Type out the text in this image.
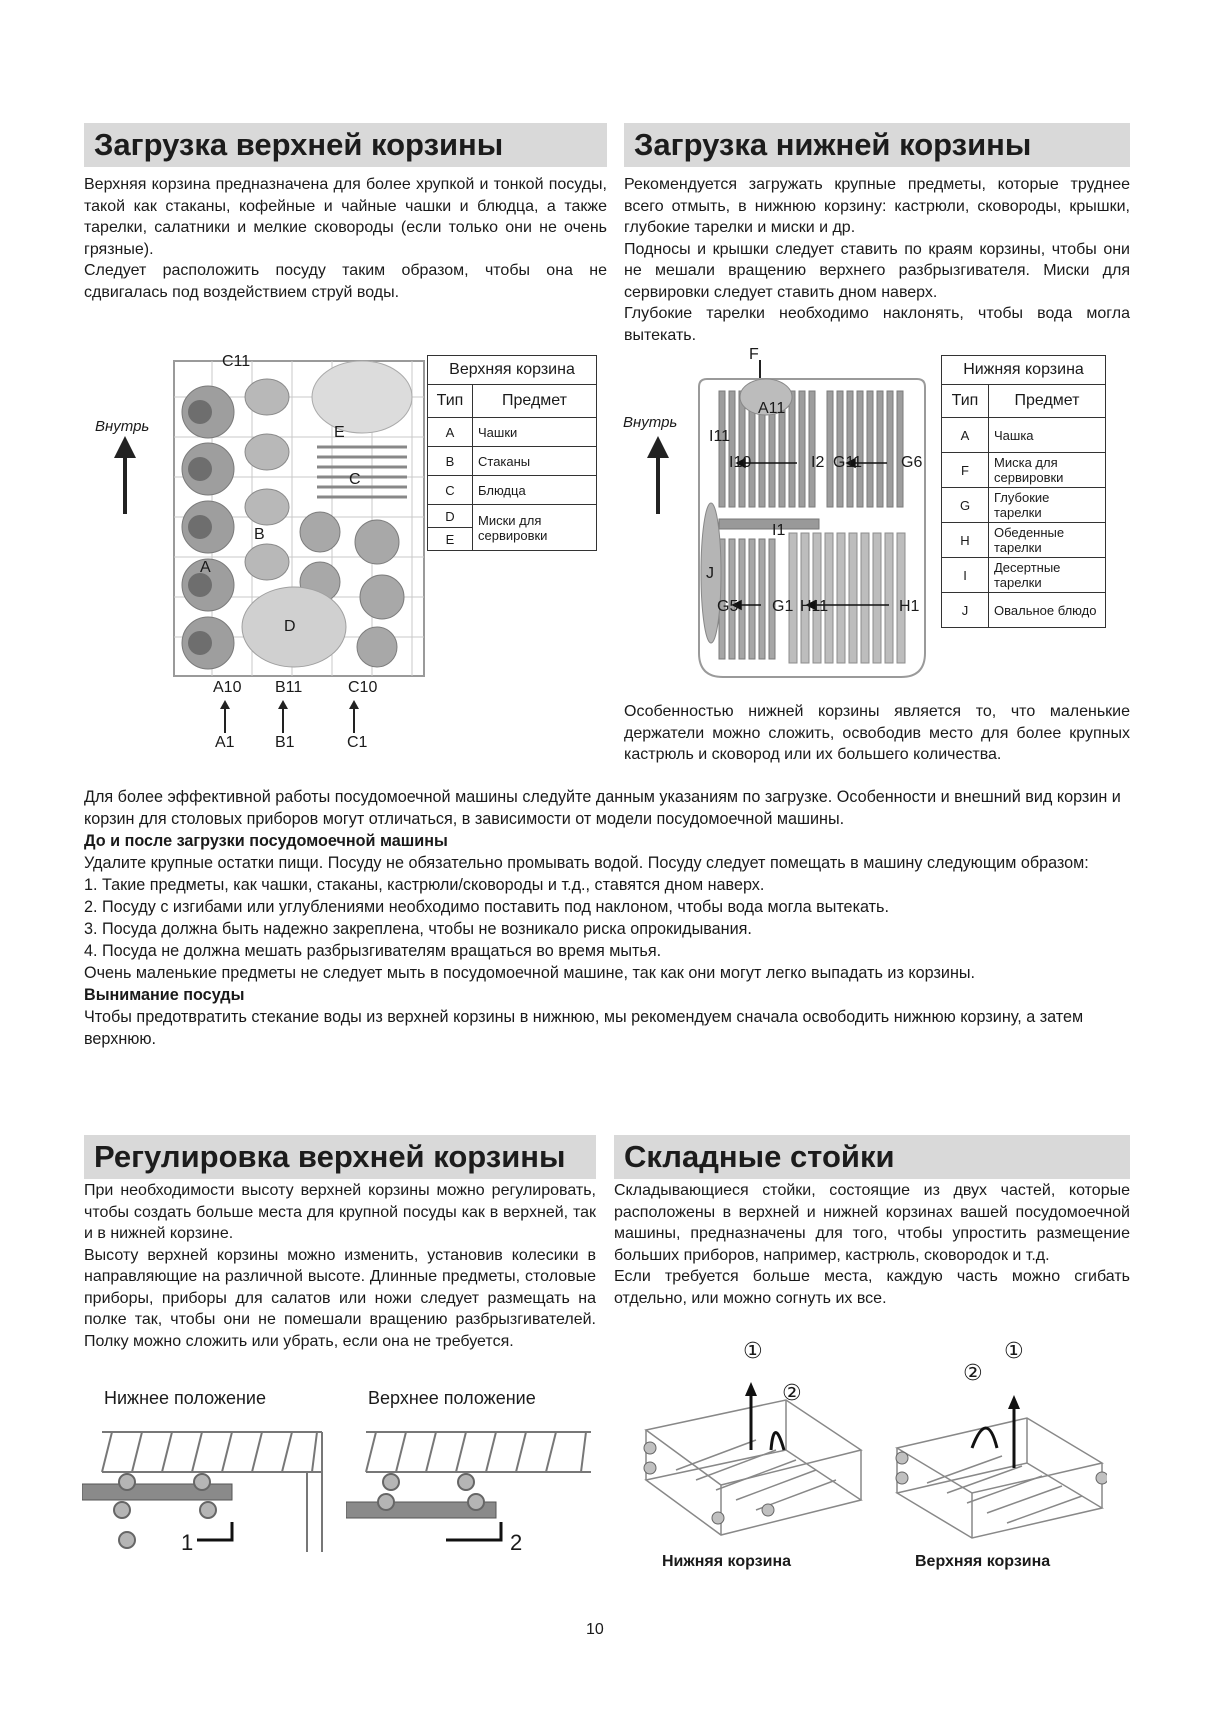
Загрузка верхней корзины	Загрузка нижней корзины

Верхняя корзина предназначена для более хрупкой и тонкой посуды, такой как стаканы, кофейные и чайные чашки и блюдца, а также тарелки, салатники и мелкие сковороды (если только они не очень грязные).

Следует расположить посуду таким образом, чтобы она не сдвигалась под воздействием струй воды.

Рекомендуется загружать крупные предметы, которые труднее всего отмыть, в нижнюю корзину: кастрюли, сковороды, крышки, глубокие тарелки и миски и др.

Подносы и крышки следует ставить по краям корзины, чтобы они не мешали вращению верхнего разбрызгивателя. Миски для сервировки следует ставить дном наверх.

Глубокие тарелки необходимо наклонять, чтобы вода могла вытекать.

Внутрь
C11
E
C
B
A
D
A10 B11	C10
A1	B1	C1
Верхняя корзина	
Тип	Предмет
A	Чашки
B	Стаканы
C	Блюдца
D	Миски для сервировки
E	
F
Внутрь
A11
I11
I10	I2 G11 G6
I1
J
G5 G1 H11	H1
Нижняя корзина	
Тип	Предмет
A	Чашка
F	Миска для сервировки
G	Глубокие тарелки
H	Обеденные тарелки
I	Десертные тарелки
J	Овальное блюдо
Особенностью нижней корзины является то, что маленькие держатели можно сложить, освободив место для более крупных кастрюль и сковород или их большего количества.

Для более эффективной работы посудомоечной машины следуйте данным указаниям по загрузке. Особенности и внешний вид корзин и корзин для столовых приборов могут отличаться, в зависимости от модели посудомоечной машины.

До и после загрузки посудомоечной машины

Удалите крупные остатки пищи. Посуду не обязательно промывать водой. Посуду следует помещать в машину следующим образом:

1. Такие предметы, как чашки, стаканы, кастрюли/сковороды и т.д., ставятся дном наверх.

2. Посуду с изгибами или углублениями необходимо поставить под наклоном, чтобы вода могла вытекать.

3. Посуда должна быть надежно закреплена, чтобы не возникало риска опрокидывания.

4. Посуда не должна мешать разбрызгивателям вращаться во время мытья.

Очень маленькие предметы не следует мыть в посудомоечной машине, так как они могут легко выпадать из корзины.

Вынимание посуды

Чтобы предотвратить стекание воды из верхней корзины в нижнюю, мы рекомендуем сначала освободить нижнюю корзину, а затем верхнюю.

Регулировка верхней корзины	Складные стойки

При необходимости высоту верхней корзины можно регулировать, чтобы создать больше места для крупной посуды как в верхней, так и в нижней корзине.

Высоту верхней корзины можно изменить, установив колесики в направляющие на различной высоте. Длинные предметы, столовые приборы, приборы для салатов или ножи следует размещать на полке так, чтобы они не помешали вращению разбрызгивателей. Полку можно сложить или убрать, если она не требуется.

Складывающиеся стойки, состоящие из двух частей, которые расположены в верхней и нижней корзинах вашей посудомоечной машины, предназначены для того, чтобы упростить размещение больших приборов, например, кастрюль, сковородок и т.д.

Если требуется больше места, каждую часть можно сгибать отдельно, или можно согнуть их все.

Нижнее положение	Верхнее положение
1	2
①
②
①
②
Нижняя корзина	Верхняя корзина
10
